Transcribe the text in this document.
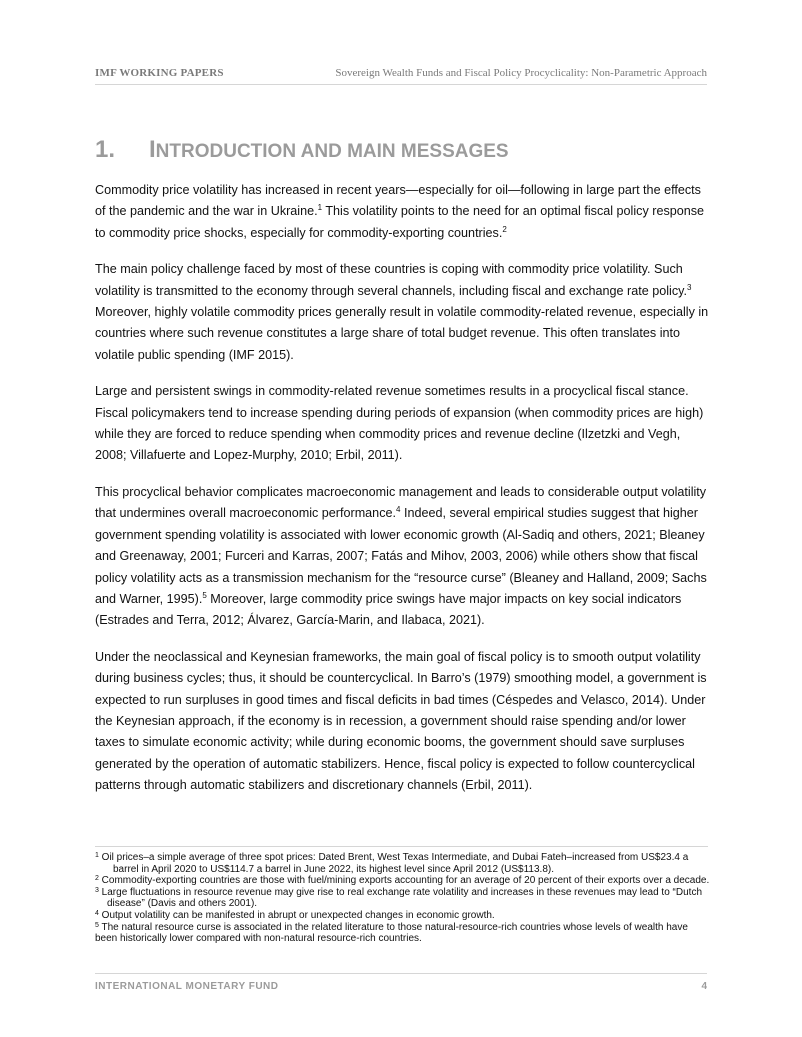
IMF WORKING PAPERS	Sovereign Wealth Funds and Fiscal Policy Procyclicality: Non-Parametric Approach
1. INTRODUCTION AND MAIN MESSAGES

Commodity price volatility has increased in recent years—especially for oil—following in large part the effects of the pandemic and the war in Ukraine.$^1$ This volatility points to the need for an optimal fiscal policy response to commodity price shocks, especially for commodity-exporting countries.$^2$

The main policy challenge faced by most of these countries is coping with commodity price volatility. Such volatility is transmitted to the economy through several channels, including fiscal and exchange rate policy.$^3$ Moreover, highly volatile commodity prices generally result in volatile commodity-related revenue, especially in countries where such revenue constitutes a large share of total budget revenue. This often translates into volatile public spending (IMF 2015).

Large and persistent swings in commodity-related revenue sometimes results in a procyclical fiscal stance. Fiscal policymakers tend to increase spending during periods of expansion (when commodity prices are high) while they are forced to reduce spending when commodity prices and revenue decline (Ilzetzki and Vegh, 2008; Villafuerte and Lopez-Murphy, 2010; Erbil, 2011).

This procyclical behavior complicates macroeconomic management and leads to considerable output volatility that undermines overall macroeconomic performance.$^4$ Indeed, several empirical studies suggest that higher government spending volatility is associated with lower economic growth (Al-Sadiq and others, 2021; Bleaney and Greenaway, 2001; Furceri and Karras, 2007; Fatás and Mihov, 2003, 2006) while others show that fiscal policy volatility acts as a transmission mechanism for the “resource curse” (Bleaney and Halland, 2009; Sachs and Warner, 1995).$^5$ Moreover, large commodity price swings have major impacts on key social indicators (Estrades and Terra, 2012; Álvarez, García-Marin, and Ilabaca, 2021).

Under the neoclassical and Keynesian frameworks, the main goal of fiscal policy is to smooth output volatility during business cycles; thus, it should be countercyclical. In Barro’s (1979) smoothing model, a government is expected to run surpluses in good times and fiscal deficits in bad times (Céspedes and Velasco, 2014). Under the Keynesian approach, if the economy is in recession, a government should raise spending and/or lower taxes to simulate economic activity; while during economic booms, the government should save surpluses generated by the operation of automatic stabilizers. Hence, fiscal policy is expected to follow countercyclical patterns through automatic stabilizers and discretionary channels (Erbil, 2011).

$^1$ Oil prices–a simple average of three spot prices: Dated Brent, West Texas Intermediate, and Dubai Fateh–increased from US$23.4 a barrel in April 2020 to US$114.7 a barrel in June 2022, its highest level since April 2012 (US$113.8).

$^2$ Commodity-exporting countries are those with fuel/mining exports accounting for an average of 20 percent of their exports over a decade.

$^3$ Large fluctuations in resource revenue may give rise to real exchange rate volatility and increases in these revenues may lead to “Dutch disease” (Davis and others 2001).

$^4$ Output volatility can be manifested in abrupt or unexpected changes in economic growth.

$^5$ The natural resource curse is associated in the related literature to those natural-resource-rich countries whose levels of wealth have been historically lower compared with non-natural resource-rich countries.

INTERNATIONAL MONETARY FUND	4
